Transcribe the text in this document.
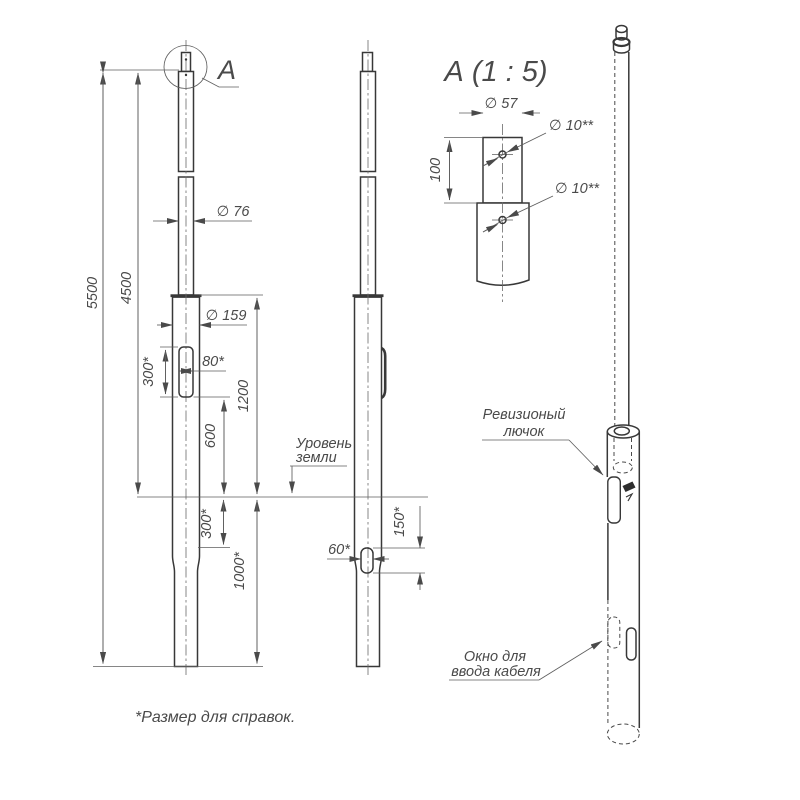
А
5500 4500
∅ 76
∅ 159
300*	80*
1200
600
300*
1000*
60*
150*
Уровень
земли
А (1 : 5)
∅ 57
100
∅ 10**
∅ 10**
Ревизионый
лючок
Окно для
ввода кабеля
*Размер для справок.
